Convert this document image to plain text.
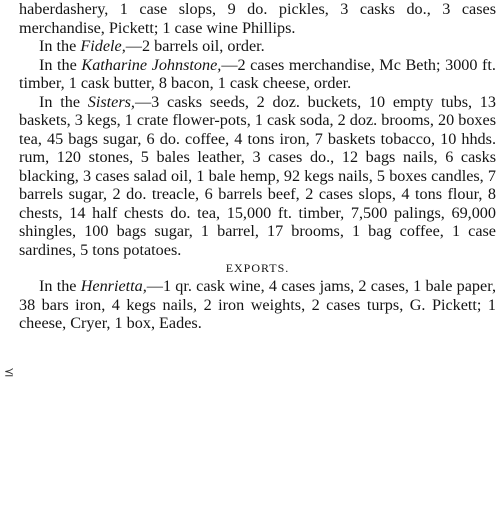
⪯

haberdashery, 1 case slops, 9 do. pickles, 3 casks do., 3 cases merchandise, Pickett; 1 case wine Phillips.

In the Fidele,—2 barrels oil, order.

In the Katharine Johnstone,—2 cases merchandise, Mc Beth; 3000 ft. timber, 1 cask butter, 8 bacon, 1 cask cheese, order.

In the Sisters,—3 casks seeds, 2 doz. buckets, 10 empty tubs, 13 baskets, 3 kegs, 1 crate flower-pots, 1 cask soda, 2 doz. brooms, 20 boxes tea, 45 bags sugar, 6 do. coffee, 4 tons iron, 7 baskets tobacco, 10 hhds. rum, 120 stones, 5 bales leather, 3 cases do., 12 bags nails, 6 casks blacking, 3 cases salad oil, 1 bale hemp, 92 kegs nails, 5 boxes candles, 7 barrels sugar, 2 do. treacle, 6 barrels beef, 2 cases slops, 4 tons flour, 8 chests, 14 half chests do. tea, 15,000 ft. timber, 7,500 palings, 69,000 shingles, 100 bags sugar, 1 barrel, 17 brooms, 1 bag coffee, 1 case sardines, 5 tons potatoes.

EXPORTS.

In the Henrietta,—1 qr. cask wine, 4 cases jams, 2 cases, 1 bale paper, 38 bars iron, 4 kegs nails, 2 iron weights, 2 cases turps, G. Pickett; 1 cheese, Cryer, 1 box, Eades.
